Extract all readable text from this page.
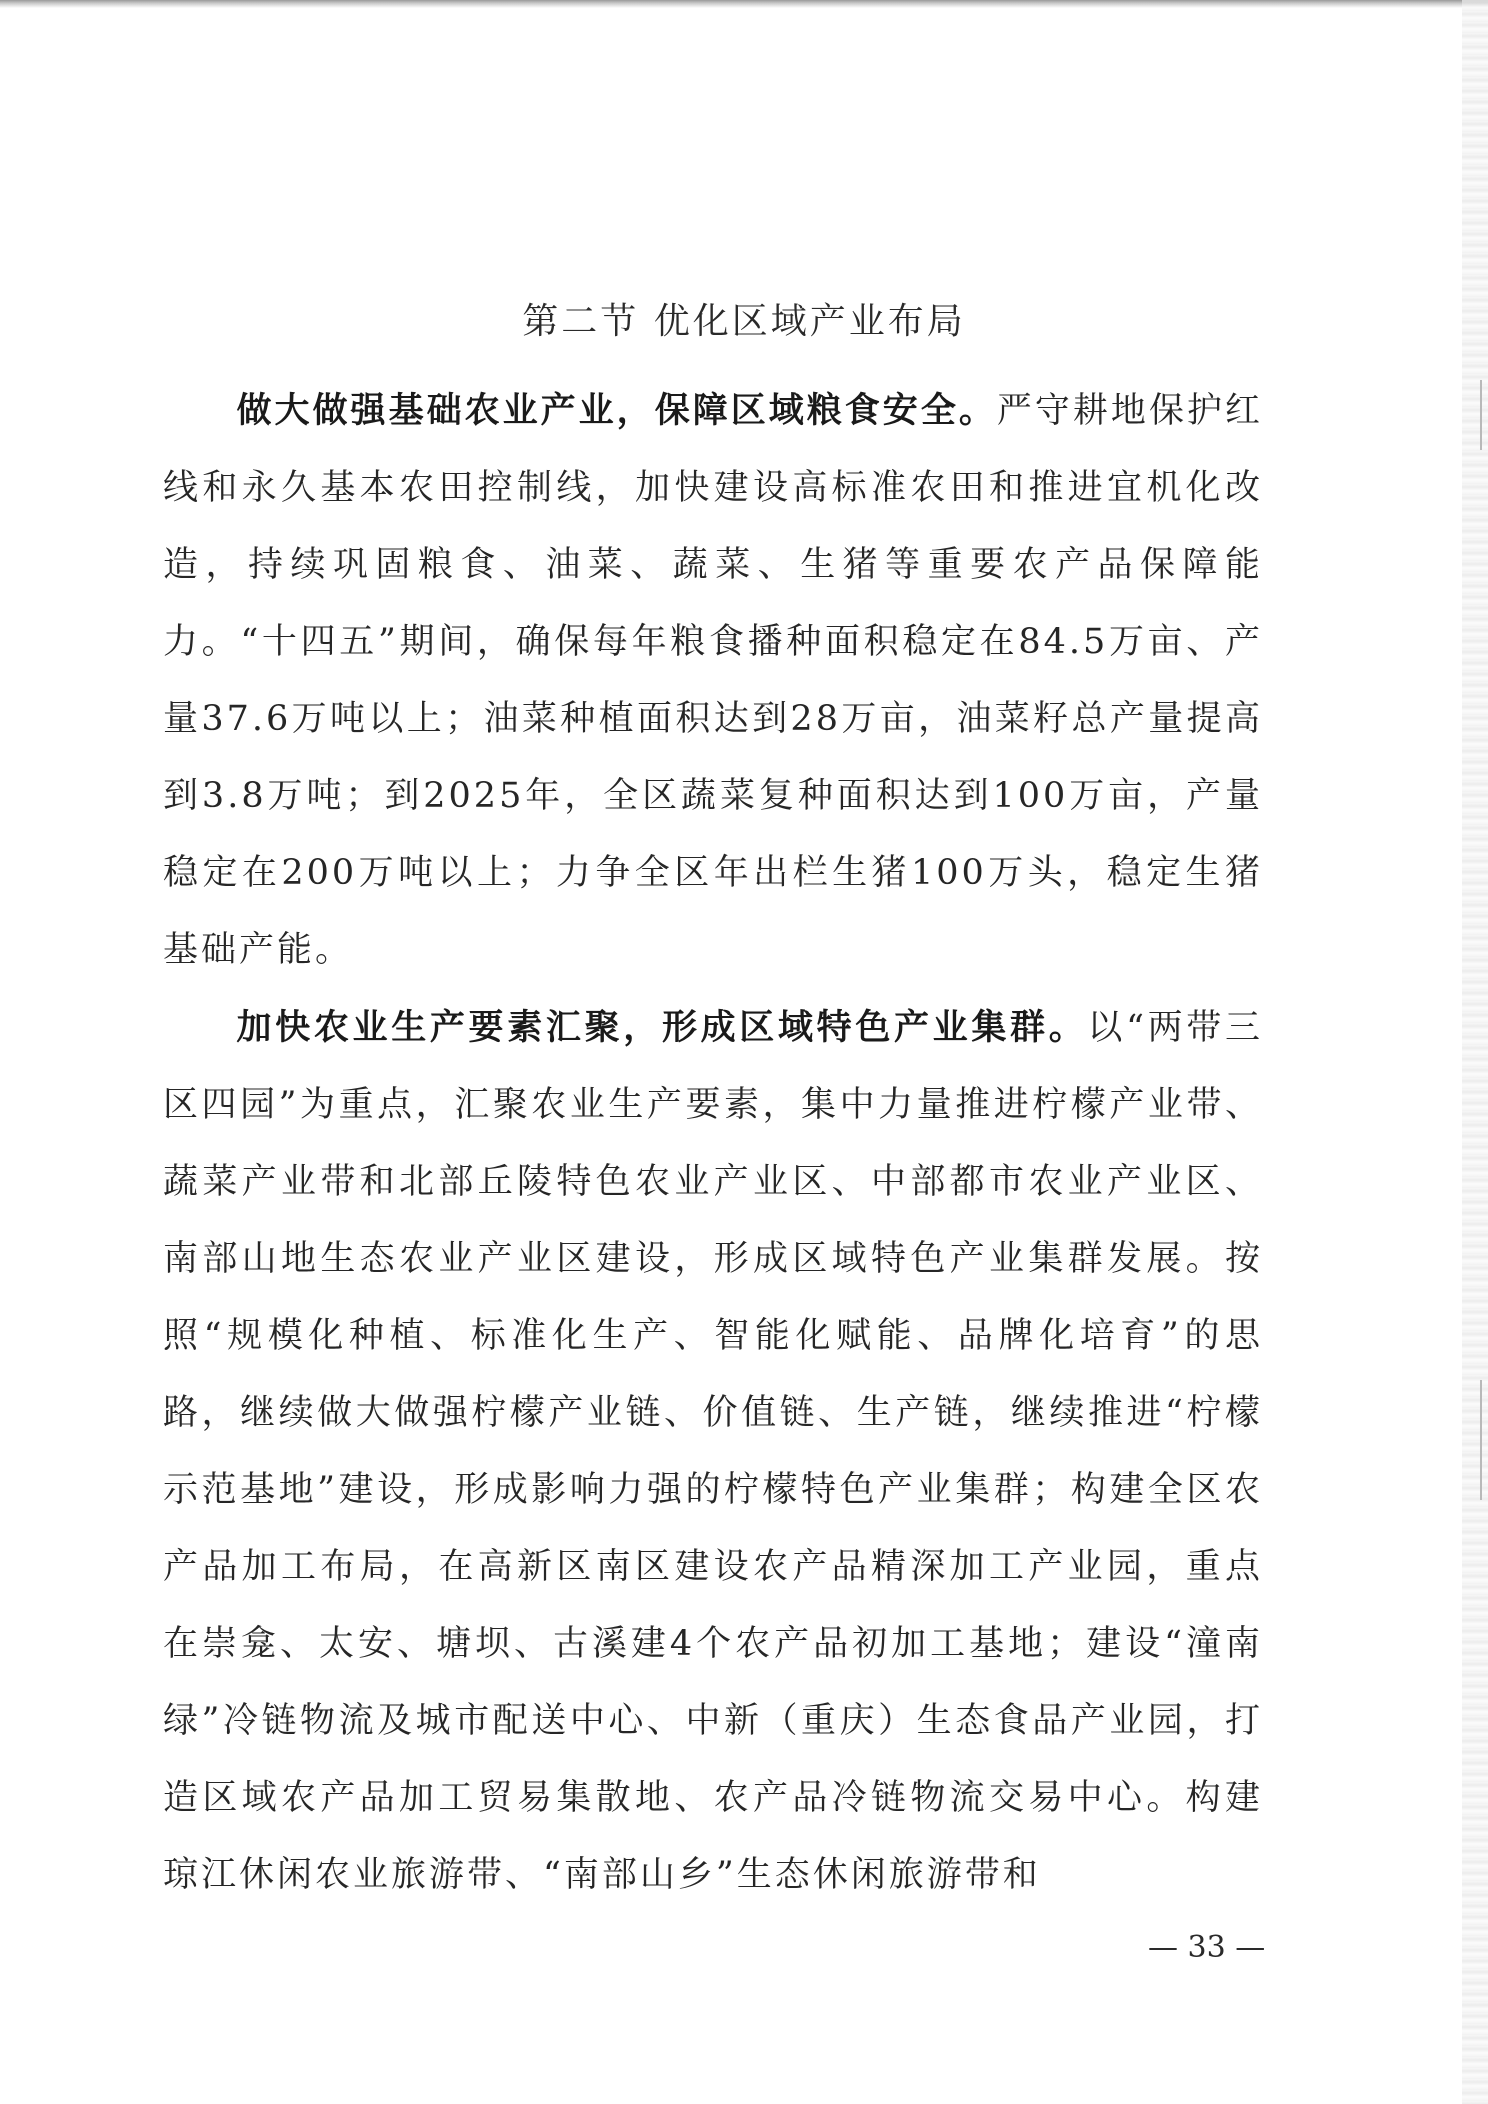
第二节 优化区域产业布局

做大做强基础农业产业，保障区域粮食安全。严守耕地保护红线和永久基本农田控制线，加快建设高标准农田和推进宜机化改造，持续巩固粮食、油菜、蔬菜、生猪等重要农产品保障能力。“十四五”期间，确保每年粮食播种面积稳定在84.5万亩、产量37.6万吨以上；油菜种植面积达到28万亩，油菜籽总产量提高到3.8万吨；到2025年，全区蔬菜复种面积达到100万亩，产量稳定在200万吨以上；力争全区年出栏生猪100万头，稳定生猪基础产能。

加快农业生产要素汇聚，形成区域特色产业集群。以“两带三区四园”为重点，汇聚农业生产要素，集中力量推进柠檬产业带、蔬菜产业带和北部丘陵特色农业产业区、中部都市农业产业区、南部山地生态农业产业区建设，形成区域特色产业集群发展。按照“规模化种植、标准化生产、智能化赋能、品牌化培育”的思路，继续做大做强柠檬产业链、价值链、生产链，继续推进“柠檬示范基地”建设，形成影响力强的柠檬特色产业集群；构建全区农产品加工布局，在高新区南区建设农产品精深加工产业园，重点在崇龛、太安、塘坝、古溪建4个农产品初加工基地；建设“潼南绿”冷链物流及城市配送中心、中新（重庆）生态食品产业园，打造区域农产品加工贸易集散地、农产品冷链物流交易中心。构建琼江休闲农业旅游带、“南部山乡”生态休闲旅游带和

— 33 —
